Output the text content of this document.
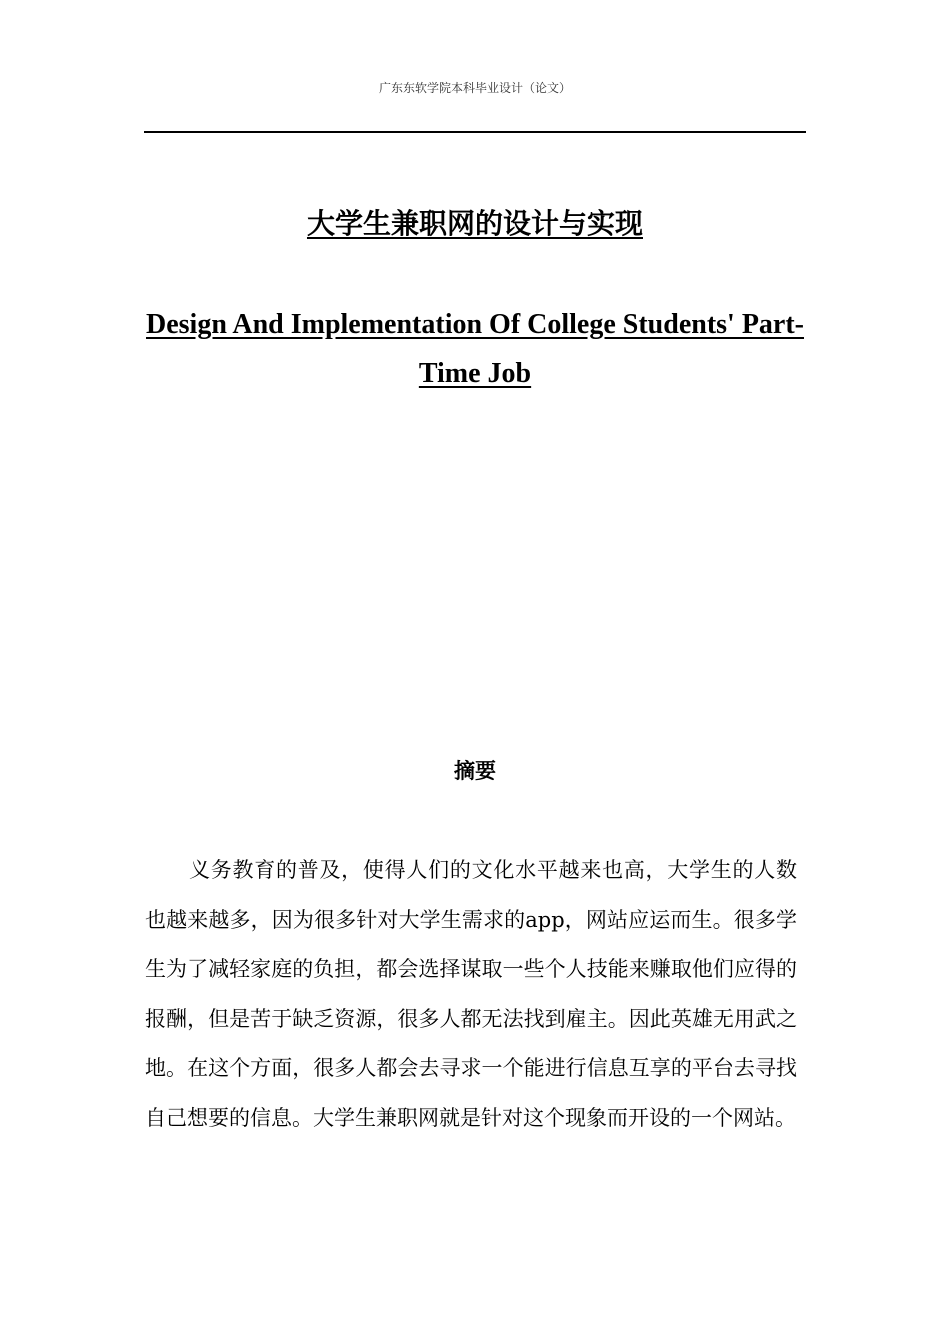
广东东软学院本科毕业设计（论文）
大学生兼职网的设计与实现
Design And Implementation Of College Students' Part-Time Job
摘要

义务教育的普及，使得人们的文化水平越来也高，大学生的人数也越来越多，因为很多针对大学生需求的app，网站应运而生。很多学生为了减轻家庭的负担，都会选择谋取一些个人技能来赚取他们应得的报酬，但是苦于缺乏资源，很多人都无法找到雇主。因此英雄无用武之地。在这个方面，很多人都会去寻求一个能进行信息互享的平台去寻找自己想要的信息。大学生兼职网就是针对这个现象而开设的一个网站。
